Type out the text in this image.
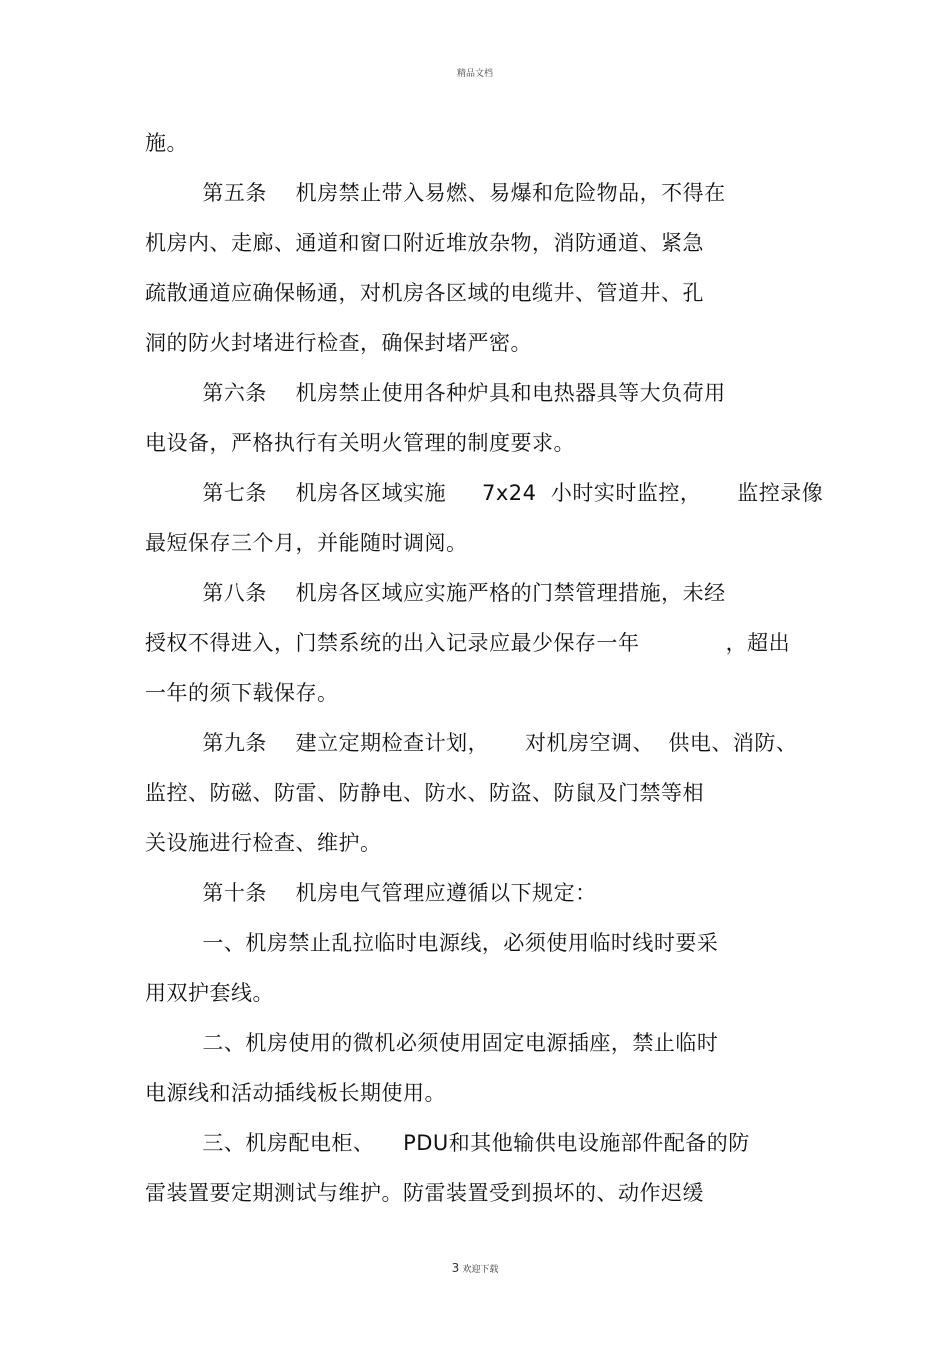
精品文档
施。
第五条    机房禁止带入易燃、易爆和危险物品，不得在
机房内、走廊、通道和窗口附近堆放杂物，消防通道、紧急
疏散通道应确保畅通，对机房各区域的电缆井、管道井、孔
洞的防火封堵进行检查，确保封堵严密。
第六条    机房禁止使用各种炉具和电热器具等大负荷用
电设备，严格执行有关明火管理的制度要求。
第七条    机房各区域实施     7x24  小时实时监控，     监控录像
最短保存三个月，并能随时调阅。
第八条    机房各区域应实施严格的门禁管理措施，未经
授权不得进入，门禁系统的出入记录应最少保存一年            ，超出
一年的须下载保存。
第九条    建立定期检查计划，     对机房空调、  供电、消防、
监控、防磁、防雷、防静电、防水、防盗、防鼠及门禁等相
关设施进行检查、维护。
第十条    机房电气管理应遵循以下规定：
一、机房禁止乱拉临时电源线，必须使用临时线时要采
用双护套线。
二、机房使用的微机必须使用固定电源插座，禁止临时
电源线和活动插线板长期使用。
三、机房配电柜、    PDU和其他输供电设施部件配备的防
雷装置要定期测试与维护。防雷装置受到损坏的、动作迟缓
3 欢迎下载
